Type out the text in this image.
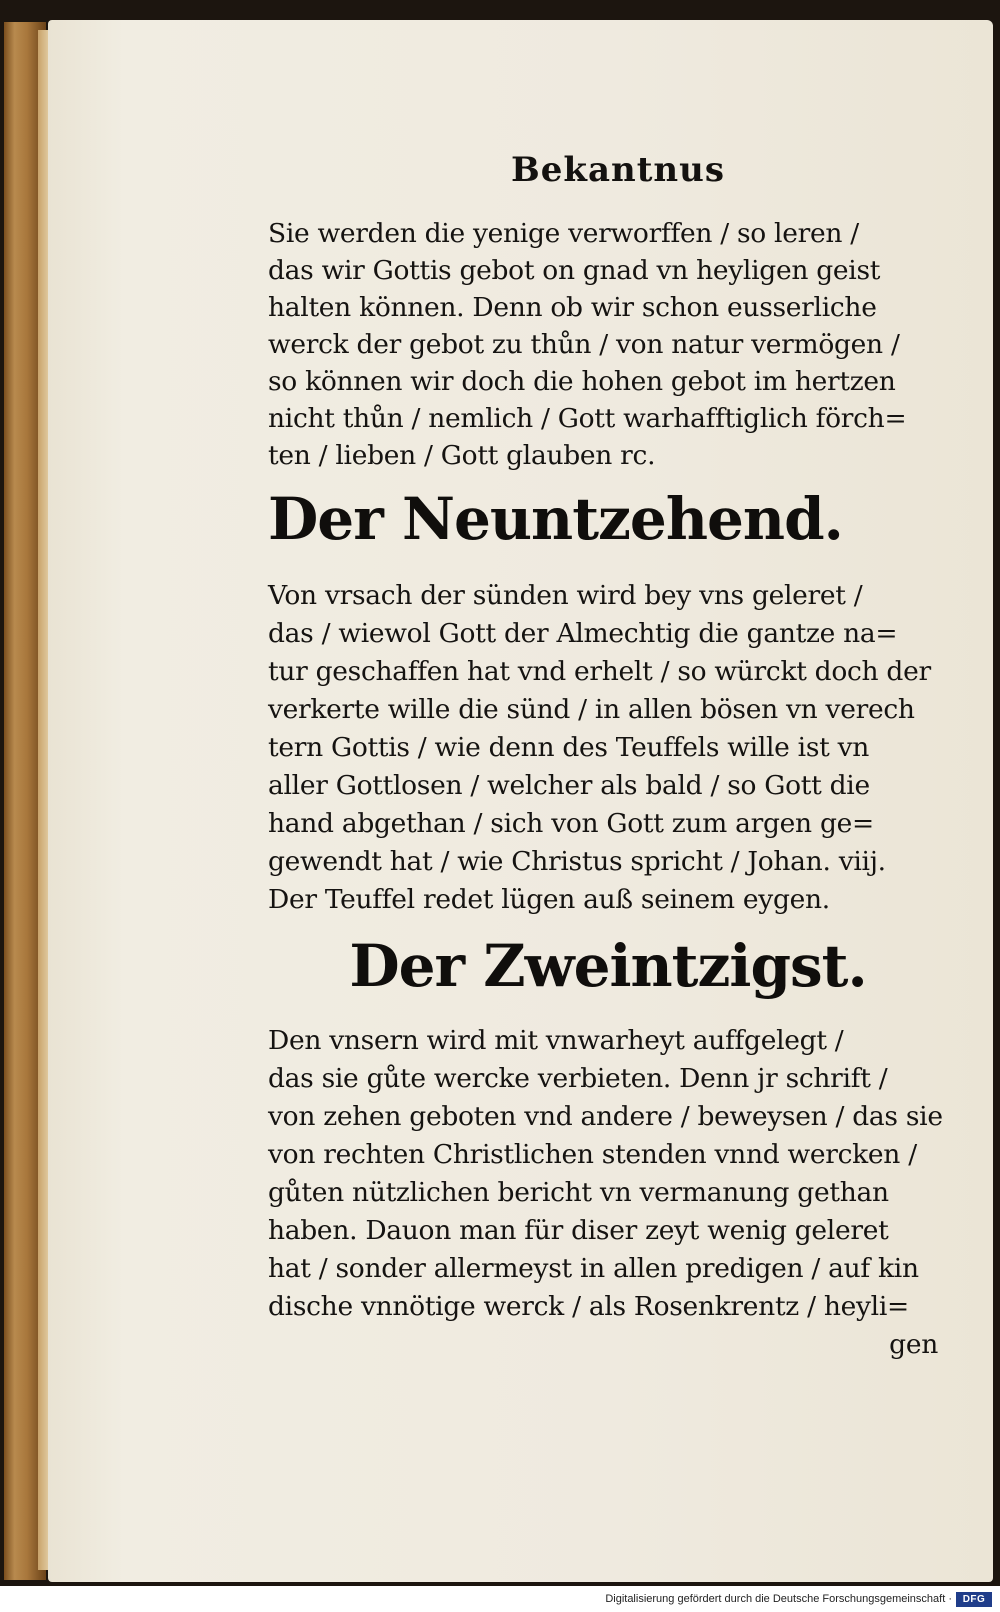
Bekantnus
Sie werden die yenige verworffen / so leren /
das wir Gottis gebot on gnad vn heyligen geist
halten können. Denn ob wir schon eusserliche
werck der gebot zu thůn / von natur vermögen /
so können wir doch die hohen gebot im hertzen
nicht thůn / nemlich / Gott warhafftiglich förch=
ten / lieben / Gott glauben rc.
Der Neuntzehend.
Von vrsach der sünden wird bey vns geleret /
das / wiewol Gott der Almechtig die gantze na=
tur geschaffen hat vnd erhelt / so würckt doch der
verkerte wille die sünd / in allen bösen vn verech
tern Gottis / wie denn des Teuffels wille ist vn
aller Gottlosen / welcher als bald / so Gott die
hand abgethan / sich von Gott zum argen ge=
gewendt hat / wie Christus spricht / Johan. viij.
Der Teuffel redet lügen auß seinem eygen.
Der Zweintzigst.
Den vnsern wird mit vnwarheyt auffgelegt /
das sie gůte wercke verbieten. Denn jr schrift /
von zehen geboten vnd andere / beweysen / das sie
von rechten Christlichen stenden vnnd wercken /
gůten nützlichen bericht vn vermanung gethan
haben. Dauon man für diser zeyt wenig geleret
hat / sonder allermeyst in allen predigen / auf kin
dische vnnötige werck / als Rosenkrentz / heyli=
gen
Digitalisierung gefördert durch die Deutsche Forschungsgemeinschaft ·	DFG
